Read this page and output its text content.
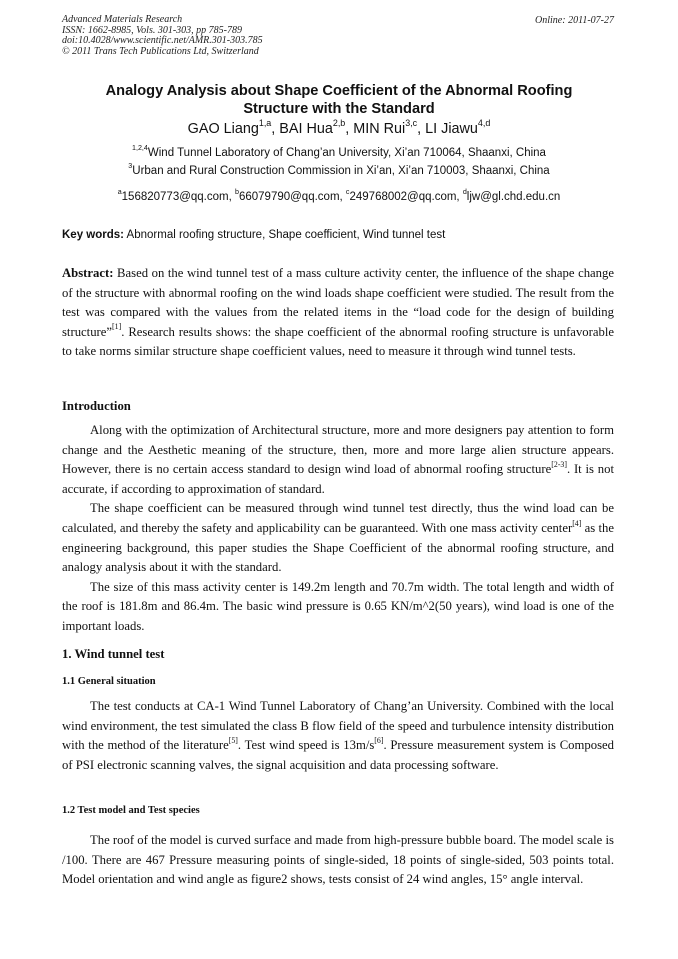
Advanced Materials Research
ISSN: 1662-8985, Vols. 301-303, pp 785-789
doi:10.4028/www.scientific.net/AMR.301-303.785
© 2011 Trans Tech Publications Ltd, Switzerland
Online: 2011-07-27
Analogy Analysis about Shape Coefficient of the Abnormal Roofing
Structure with the Standard
GAO Liang$^{1,a}$, BAI Hua$^{2,b}$, MIN Rui$^{3,c}$, LI Jiawu$^{4,d}$
$^{1,2,4}$Wind Tunnel Laboratory of Chang’an University, Xi’an 710064, Shaanxi, China
$^3$Urban and Rural Construction Commission in Xi’an, Xi’an 710003, Shaanxi, China
$^a$156820773@qq.com, $^b$66079790@qq.com, $^c$249768002@qq.com, $^d$ljw@gl.chd.edu.cn
Key words: Abnormal roofing structure, Shape coefficient, Wind tunnel test

Abstract: Based on the wind tunnel test of a mass culture activity center, the influence of the shape change of the structure with abnormal roofing on the wind loads shape coefficient were studied. The result from the test was compared with the values from the related items in the “load code for the design of building structure”[1]. Research results shows: the shape coefficient of the abnormal roofing structure is unfavorable to take norms similar structure shape coefficient values, need to measure it through wind tunnel tests.

Introduction

Along with the optimization of Architectural structure, more and more designers pay attention to form change and the Aesthetic meaning of the structure, then, more and more large alien structure appears. However, there is no certain access standard to design wind load of abnormal roofing structure[2-3]. It is not accurate, if according to approximation of standard.

The shape coefficient can be measured through wind tunnel test directly, thus the wind load can be calculated, and thereby the safety and applicability can be guaranteed. With one mass activity center[4] as the engineering background, this paper studies the Shape Coefficient of the abnormal roofing structure, and analogy analysis about it with the standard.

The size of this mass activity center is 149.2m length and 70.7m width. The total length and width of the roof is 181.8m and 86.4m. The basic wind pressure is 0.65 KN/m^2(50 years), wind load is one of the important loads.

1. Wind tunnel test
1.1 General situation

The test conducts at CA-1 Wind Tunnel Laboratory of Chang’an University. Combined with the local wind environment, the test simulated the class B flow field of the speed and turbulence intensity distribution with the method of the literature[5]. Test wind speed is 13m/s[6]. Pressure measurement system is Composed of PSI electronic scanning valves, the signal acquisition and data processing software.

1.2 Test model and Test species

The roof of the model is curved surface and made from high-pressure bubble board. The model scale is /100. There are 467 Pressure measuring points of single-sided, 18 points of single-sided, 503 points total. Model orientation and wind angle as figure2 shows, tests consist of 24 wind angles, 15° angle interval.
